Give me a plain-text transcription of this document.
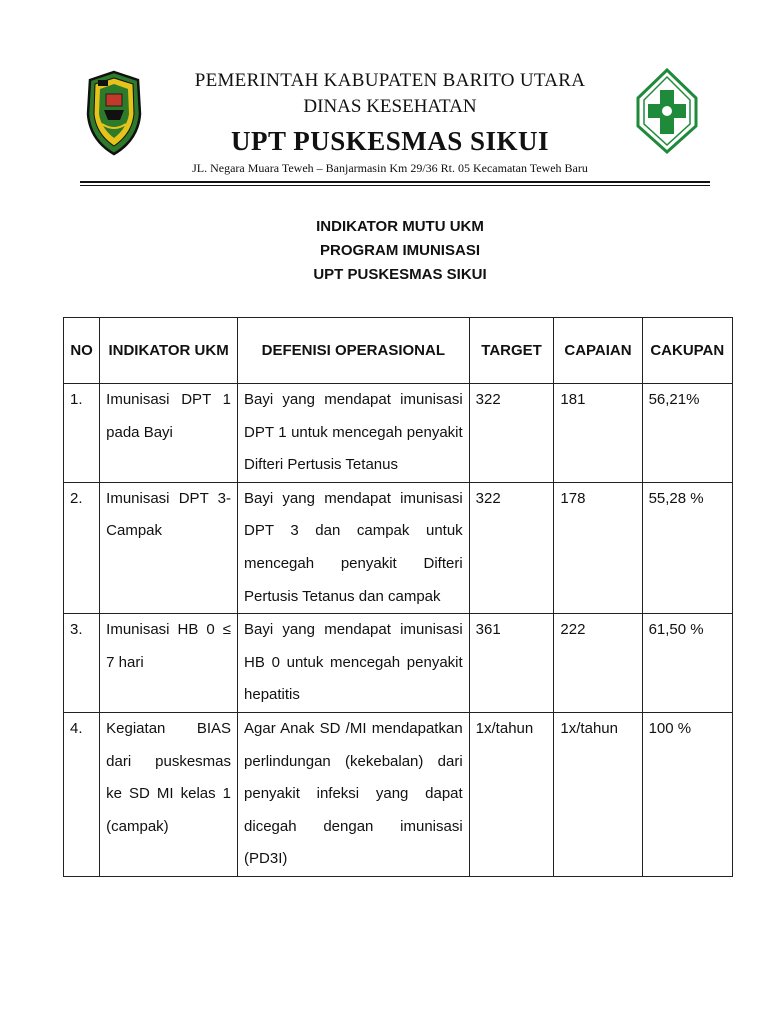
PEMERINTAH KABUPATEN BARITO UTARA
DINAS KESEHATAN
UPT PUSKESMAS SIKUI
JL. Negara Muara Teweh – Banjarmasin Km 29/36 Rt. 05 Kecamatan Teweh Baru
INDIKATOR MUTU UKM
PROGRAM IMUNISASI
UPT PUSKESMAS SIKUI
NO	INDIKATOR UKM	DEFENISI OPERASIONAL	TARGET	CAPAIAN	CAKUPAN
1.	Imunisasi DPT 1 pada Bayi	Bayi yang mendapat imunisasi DPT 1 untuk mencegah penyakit Difteri Pertusis Tetanus	322	181	56,21%
2.	Imunisasi DPT 3-Campak	Bayi yang mendapat imunisasi DPT 3 dan campak untuk mencegah penyakit Difteri Pertusis Tetanus dan campak	322	178	55,28 %
3.	Imunisasi HB 0 ≤ 7 hari	Bayi yang mendapat imunisasi HB 0 untuk mencegah penyakit hepatitis	361	222	61,50 %
4.	Kegiatan BIAS dari puskesmas ke SD MI kelas 1 (campak)	Agar Anak SD /MI mendapatkan perlindungan (kekebalan) dari penyakit infeksi yang dapat dicegah dengan imunisasi (PD3I)	1x/tahun	1x/tahun	100 %
